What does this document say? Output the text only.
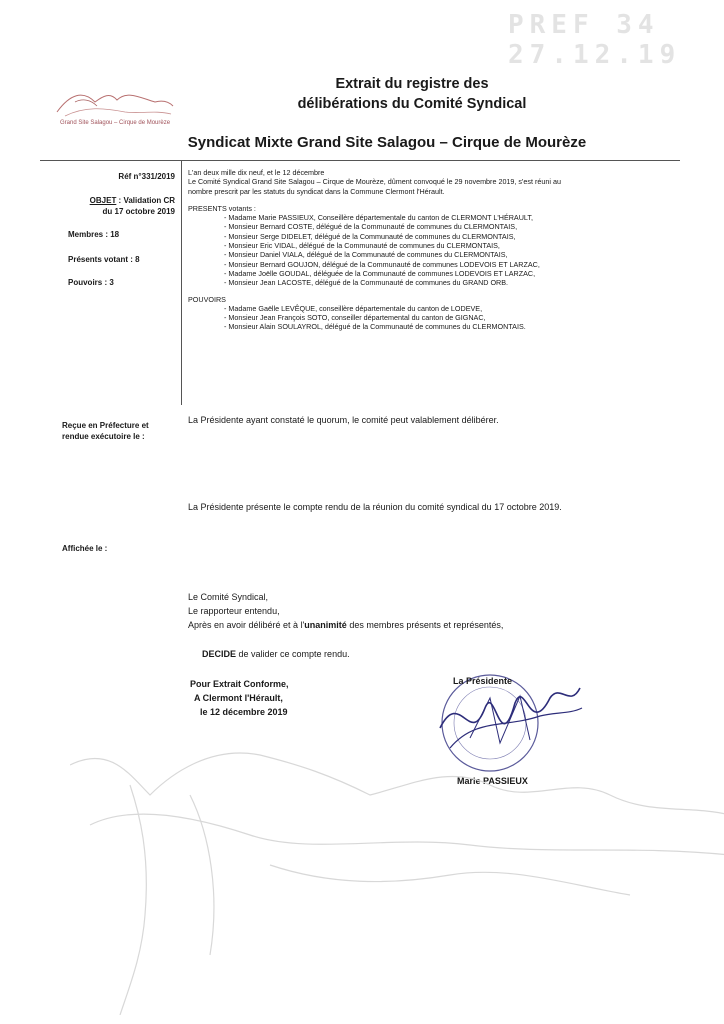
PREF 34
27.12.19
Grand Site Salagou – Cirque de Mourèze
Extrait du registre des
délibérations du Comité Syndical
Syndicat Mixte Grand Site Salagou – Cirque de Mourèze
Réf n°331/2019
OBJET : Validation CR
du 17 octobre 2019
Membres : 18
Présents votant : 8
Pouvoirs : 3
Reçue en Préfecture et
rendue exécutoire le :
Affichée le :
L'an deux mille dix neuf, et le 12 décembre
Le Comité Syndical Grand Site Salagou – Cirque de Mourèze, dûment convoqué le 29 novembre 2019, s'est réuni au
nombre prescrit par les statuts du syndicat dans la Commune Clermont l'Hérault.
PRESENTS votants :
- Madame Marie PASSIEUX, Conseillère départementale du canton de CLERMONT L'HÉRAULT,
- Monsieur Bernard COSTE, délégué de la Communauté de communes du CLERMONTAIS,
- Monsieur Serge DIDELET, délégué de la Communauté de communes du CLERMONTAIS,
- Monsieur Eric VIDAL, délégué de la Communauté de communes du CLERMONTAIS,
- Monsieur Daniel VIALA, délégué de la Communauté de communes du CLERMONTAIS,
- Monsieur Bernard GOUJON, délégué de la Communauté de communes LODEVOIS ET LARZAC,
- Madame Joëlle GOUDAL, déléguée de la Communauté de communes LODEVOIS ET LARZAC,
- Monsieur Jean LACOSTE, délégué de la Communauté de communes du GRAND ORB.
POUVOIRS
- Madame Gaëlle LEVÊQUE, conseillère départementale du canton de LODEVE,
- Monsieur Jean François SOTO, conseiller départemental du canton de GIGNAC,
- Monsieur Alain SOULAYROL, délégué de la Communauté de communes du CLERMONTAIS.
La Présidente ayant constaté le quorum, le comité peut valablement délibérer.
La Présidente présente le compte rendu de la réunion du comité syndical du 17 octobre 2019.
Le Comité Syndical,
Le rapporteur entendu,
Après en avoir délibéré et à l'unanimité des membres présents et représentés,
DECIDE de valider ce compte rendu.
Pour Extrait Conforme,
A Clermont l'Hérault,
le 12 décembre 2019
La Présidente
Marie PASSIEUX
